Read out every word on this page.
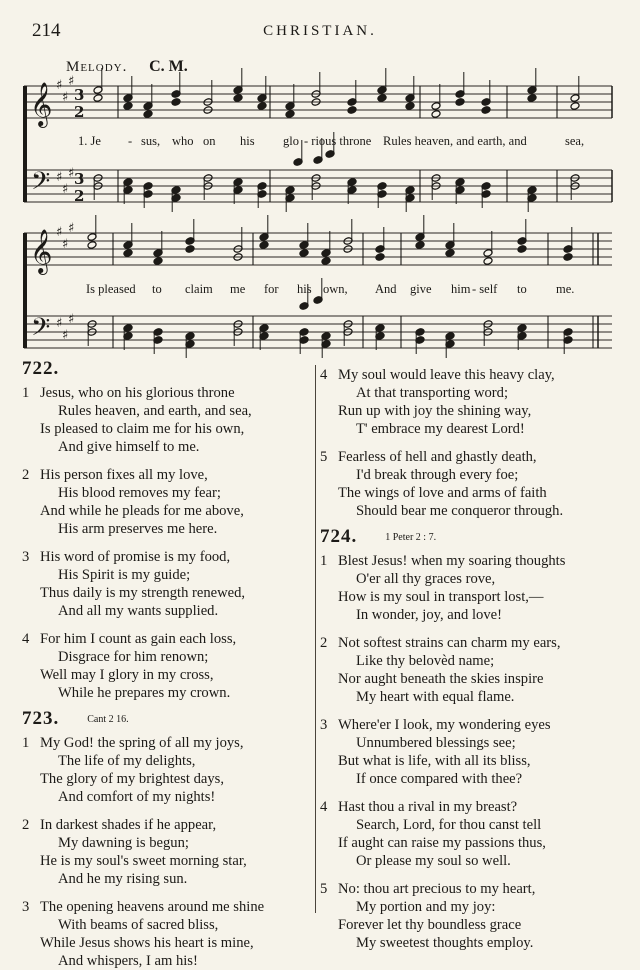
214	CHRISTIAN.
Melody. C. M.
𝄞
𝄢
♯
♯
♯
♯
♯
♯
3
2
3
2
𝄞
𝄢
♯
♯
♯
♯
♯
♯
1. Je - sus, who on his glo - rious throne Rules heaven, and earth, and	sea,
Is pleased to claim me for his own, And give him - self to me.
722.
1 Jesus, who on his glorious throne
Rules heaven, and earth, and sea,
Is pleased to claim me for his own,
And give himself to me.
2 His person fixes all my love,
His blood removes my fear;
And while he pleads for me above,
His arm preserves me here.
3 His word of promise is my food,
His Spirit is my guide;
Thus daily is my strength renewed,
And all my wants supplied.
4 For him I count as gain each loss,
Disgrace for him renown;
Well may I glory in my cross,
While he prepares my crown.
723.	Cant 2 16.
1 My God! the spring of all my joys,
The life of my delights,
The glory of my brightest days,
And comfort of my nights!
2 In darkest shades if he appear,
My dawning is begun;
He is my soul's sweet morning star,
And he my rising sun.
3 The opening heavens around me shine
With beams of sacred bliss,
While Jesus shows his heart is mine,
And whispers, I am his!
4 My soul would leave this heavy clay,
At that transporting word;
Run up with joy the shining way,
T' embrace my dearest Lord!
5 Fearless of hell and ghastly death,
I'd break through every foe;
The wings of love and arms of faith
Should bear me conqueror through.
724.	1 Peter 2 : 7.
1 Blest Jesus! when my soaring thoughts
O'er all thy graces rove,
How is my soul in transport lost,—
In wonder, joy, and love!
2 Not softest strains can charm my ears,
Like thy belovèd name;
Nor aught beneath the skies inspire
My heart with equal flame.
3 Where'er I look, my wondering eyes
Unnumbered blessings see;
But what is life, with all its bliss,
If once compared with thee?
4 Hast thou a rival in my breast?
Search, Lord, for thou canst tell
If aught can raise my passions thus,
Or please my soul so well.
5 No: thou art precious to my heart,
My portion and my joy:
Forever let thy boundless grace
My sweetest thoughts employ.
